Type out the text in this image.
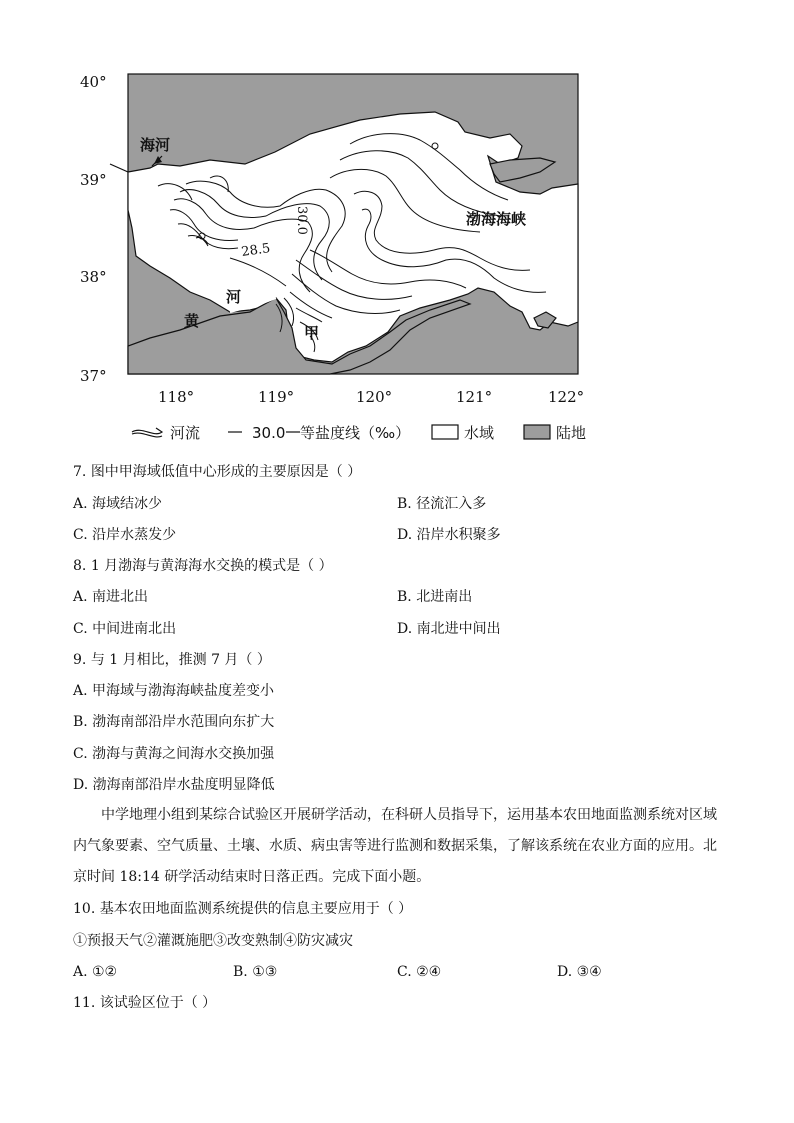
40°
39°
38°
37°
118°	119°	120°	121°	122°
海河
渤海海峡
黄
河
甲
30.0
28.5
河流	30.0 等盐度线（‰）	水域	陆地
7. 图中甲海域低值中心形成的主要原因是（ ）
A. 海域结冰少	B. 径流汇入多
C. 沿岸水蒸发少	D. 沿岸水积聚多
8. 1 月渤海与黄海海水交换的模式是（ ）
A. 南进北出	B. 北进南出
C. 中间进南北出	D. 南北进中间出
9. 与 1 月相比，推测 7 月（ ）
A. 甲海域与渤海海峡盐度差变小
B. 渤海南部沿岸水范围向东扩大
C. 渤海与黄海之间海水交换加强
D. 渤海南部沿岸水盐度明显降低

中学地理小组到某综合试验区开展研学活动，在科研人员指导下，运用基本农田地面监测系统对区域

内气象要素、空气质量、土壤、水质、病虫害等进行监测和数据采集，了解该系统在农业方面的应用。北
京时间 18:14 研学活动结束时日落正西。完成下面小题。
10. 基本农田地面监测系统提供的信息主要应用于（ ）
①预报天气②灌溉施肥③改变熟制④防灾减灾
A. ①②	B. ①③	C. ②④	D. ③④
11. 该试验区位于（ ）
